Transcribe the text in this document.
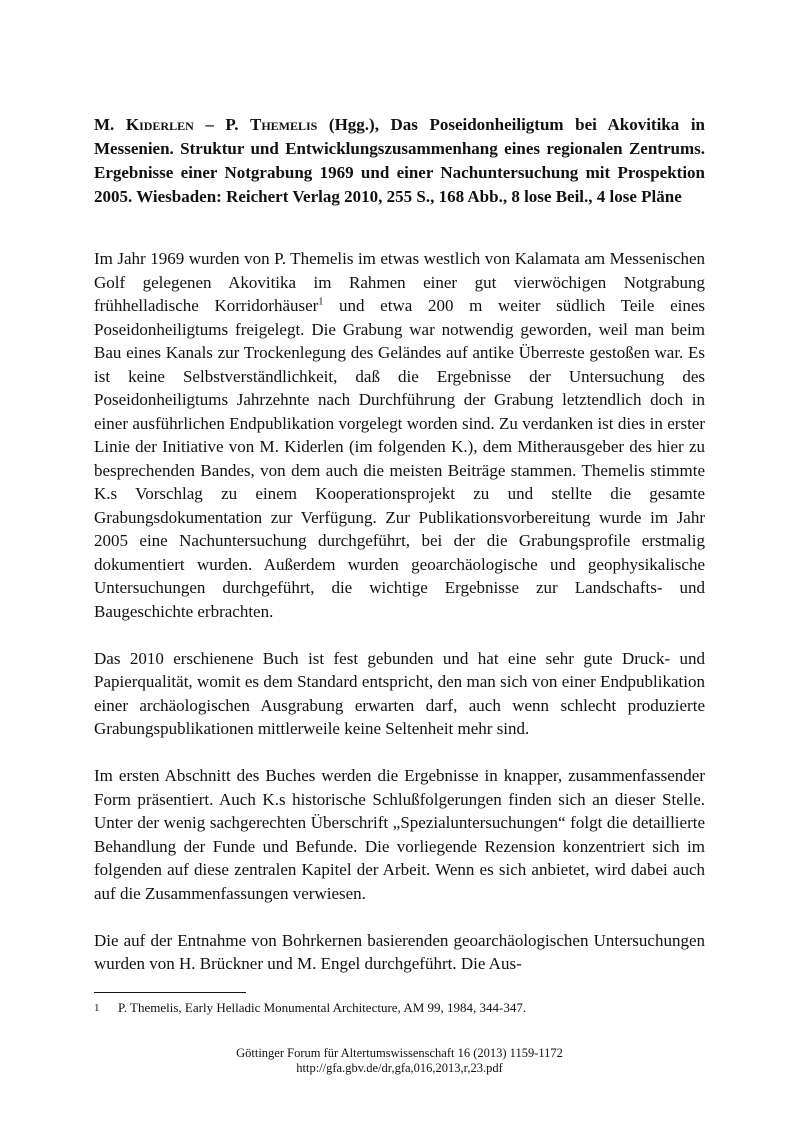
M. Kiderlen – P. Themelis (Hgg.), Das Poseidonheiligtum bei Akovitika in Messenien. Struktur und Entwicklungszusammenhang eines regionalen Zentrums. Ergebnisse einer Notgrabung 1969 und einer Nachuntersuchung mit Prospektion 2005. Wiesbaden: Reichert Verlag 2010, 255 S., 168 Abb., 8 lose Beil., 4 lose Pläne

Im Jahr 1969 wurden von P. Themelis im etwas westlich von Kalamata am Messenischen Golf gelegenen Akovitika im Rahmen einer gut vierwöchigen Notgrabung frühhelladische Korridorhäuser$^1$ und etwa 200 m weiter südlich Teile eines Poseidonheiligtums freigelegt. Die Grabung war notwendig geworden, weil man beim Bau eines Kanals zur Trockenlegung des Geländes auf antike Überreste gestoßen war. Es ist keine Selbstverständlichkeit, daß die Ergebnisse der Untersuchung des Poseidonheiligtums Jahrzehnte nach Durchführung der Grabung letztendlich doch in einer ausführlichen Endpublikation vorgelegt worden sind. Zu verdanken ist dies in erster Linie der Initiative von M. Kiderlen (im folgenden K.), dem Mitherausgeber des hier zu besprechenden Bandes, von dem auch die meisten Beiträge stammen. Themelis stimmte K.s Vorschlag zu einem Kooperationsprojekt zu und stellte die gesamte Grabungsdokumentation zur Verfügung. Zur Publikationsvorbereitung wurde im Jahr 2005 eine Nachuntersuchung durchgeführt, bei der die Grabungsprofile erstmalig dokumentiert wurden. Außerdem wurden geoarchäologische und geophysikalische Untersuchungen durchgeführt, die wichtige Ergebnisse zur Landschafts- und Baugeschichte erbrachten.

Das 2010 erschienene Buch ist fest gebunden und hat eine sehr gute Druck- und Papierqualität, womit es dem Standard entspricht, den man sich von einer Endpublikation einer archäologischen Ausgrabung erwarten darf, auch wenn schlecht produzierte Grabungspublikationen mittlerweile keine Seltenheit mehr sind.

Im ersten Abschnitt des Buches werden die Ergebnisse in knapper, zusammenfassender Form präsentiert. Auch K.s historische Schlußfolgerungen finden sich an dieser Stelle. Unter der wenig sachgerechten Überschrift „Spezialuntersuchungen“ folgt die detaillierte Behandlung der Funde und Befunde. Die vorliegende Rezension konzentriert sich im folgenden auf diese zentralen Kapitel der Arbeit. Wenn es sich anbietet, wird dabei auch auf die Zusammenfassungen verwiesen.

Die auf der Entnahme von Bohrkernen basierenden geoarchäologischen Untersuchungen wurden von H. Brückner und M. Engel durchgeführt. Die Aus-

1 P. Themelis, Early Helladic Monumental Architecture, AM 99, 1984, 344-347.
Göttinger Forum für Altertumswissenschaft 16 (2013) 1159-1172
http://gfa.gbv.de/dr,gfa,016,2013,r,23.pdf
